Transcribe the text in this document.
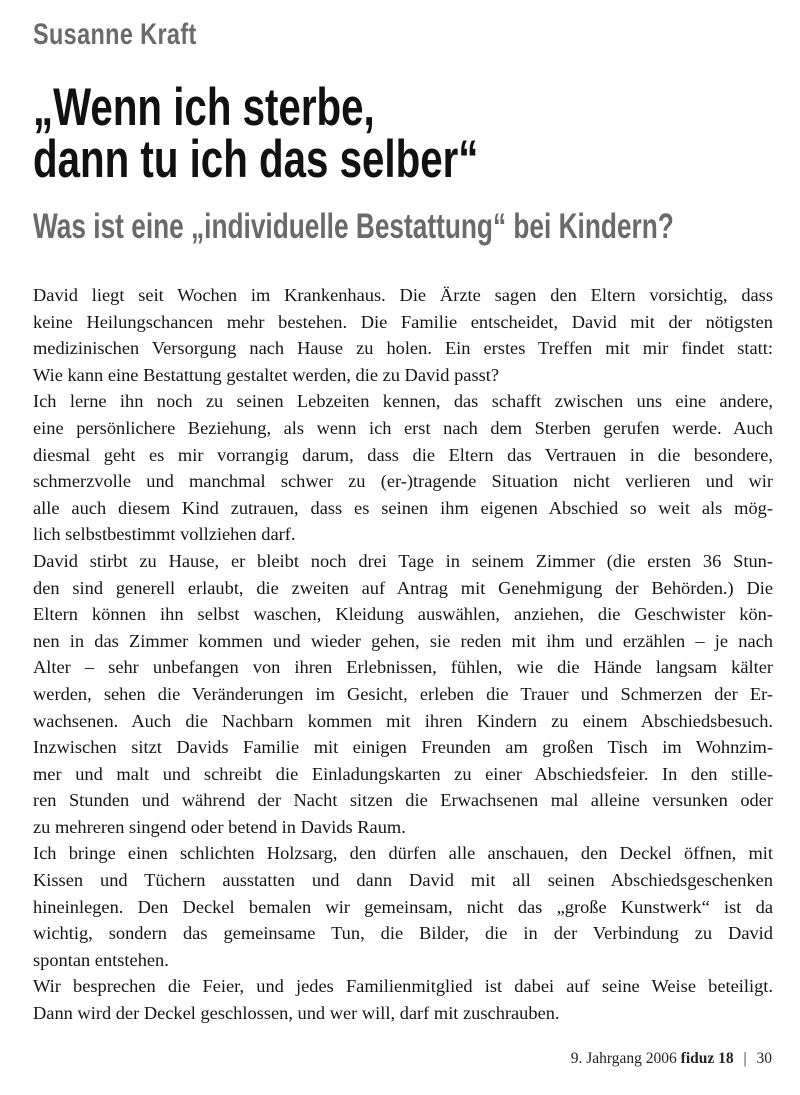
Susanne Kraft
„Wenn ich sterbe,
dann tu ich das selber“
Was ist eine „individuelle Bestattung“ bei Kindern?
David liegt seit Wochen im Krankenhaus. Die Ärzte sagen den Eltern vorsichtig, dass
keine Heilungschancen mehr bestehen. Die Familie entscheidet, David mit der nötigsten
medizinischen Versorgung nach Hause zu holen. Ein erstes Treffen mit mir findet statt:
Wie kann eine Bestattung gestaltet werden, die zu David passt?
Ich lerne ihn noch zu seinen Lebzeiten kennen, das schafft zwischen uns eine andere,
eine persönlichere Beziehung, als wenn ich erst nach dem Sterben gerufen werde. Auch
diesmal geht es mir vorrangig darum, dass die Eltern das Vertrauen in die besondere,
schmerzvolle und manchmal schwer zu (er-)tragende Situation nicht verlieren und wir
alle auch diesem Kind zutrauen, dass es seinen ihm eigenen Abschied so weit als mög-
lich selbstbestimmt vollziehen darf.
David stirbt zu Hause, er bleibt noch drei Tage in seinem Zimmer (die ersten 36 Stun-
den sind generell erlaubt, die zweiten auf Antrag mit Genehmigung der Behörden.) Die
Eltern können ihn selbst waschen, Kleidung auswählen, anziehen, die Geschwister kön-
nen in das Zimmer kommen und wieder gehen, sie reden mit ihm und erzählen – je nach
Alter – sehr unbefangen von ihren Erlebnissen, fühlen, wie die Hände langsam kälter
werden, sehen die Veränderungen im Gesicht, erleben die Trauer und Schmerzen der Er-
wachsenen. Auch die Nachbarn kommen mit ihren Kindern zu einem Abschiedsbesuch.
Inzwischen sitzt Davids Familie mit einigen Freunden am großen Tisch im Wohnzim-
mer und malt und schreibt die Einladungskarten zu einer Abschiedsfeier. In den stille-
ren Stunden und während der Nacht sitzen die Erwachsenen mal alleine versunken oder
zu mehreren singend oder betend in Davids Raum.
Ich bringe einen schlichten Holzsarg, den dürfen alle anschauen, den Deckel öffnen, mit
Kissen und Tüchern ausstatten und dann David mit all seinen Abschiedsgeschenken
hineinlegen. Den Deckel bemalen wir gemeinsam, nicht das „große Kunstwerk“ ist da
wichtig, sondern das gemeinsame Tun, die Bilder, die in der Verbindung zu David
spontan entstehen.
Wir besprechen die Feier, und jedes Familienmitglied ist dabei auf seine Weise beteiligt.
Dann wird der Deckel geschlossen, und wer will, darf mit zuschrauben.
9. Jahrgang 2006 fiduz 18 | 30
